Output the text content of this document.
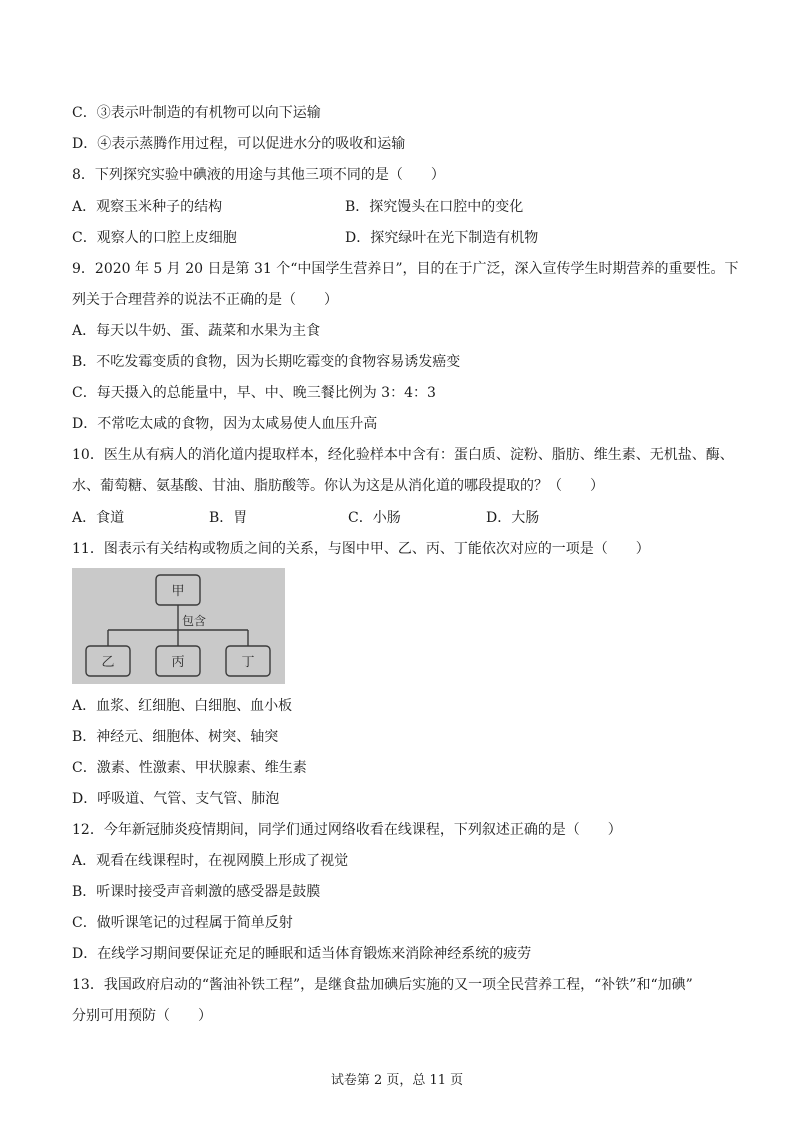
C．③表示叶制造的有机物可以向下运输
D．④表示蒸腾作用过程，可以促进水分的吸收和运输
8．下列探究实验中碘液的用途与其他三项不同的是（　　）
A．观察玉米种子的结构	B．探究馒头在口腔中的变化
C．观察人的口腔上皮细胞	D．探究绿叶在光下制造有机物
9．2020 年 5 月 20 日是第 31 个“中国学生营养日”，目的在于广泛，深入宣传学生时期营养的重要性。下
列关于合理营养的说法不正确的是（　　）
A．每天以牛奶、蛋、蔬菜和水果为主食
B．不吃发霉变质的食物，因为长期吃霉变的食物容易诱发癌变
C．每天摄入的总能量中，早、中、晚三餐比例为 3：4：3
D．不常吃太咸的食物，因为太咸易使人血压升高
10．医生从有病人的消化道内提取样本，经化验样本中含有：蛋白质、淀粉、脂肪、维生素、无机盐、酶、
水、葡萄糖、氨基酸、甘油、脂肪酸等。你认为这是从消化道的哪段提取的？（　　）
A．食道	B．胃	C．小肠	D．大肠
11．图表示有关结构或物质之间的关系，与图中甲、乙、丙、丁能依次对应的一项是（　　）
甲
包含
乙	丙	丁
A．血浆、红细胞、白细胞、血小板
B．神经元、细胞体、树突、轴突
C．激素、性激素、甲状腺素、维生素
D．呼吸道、气管、支气管、肺泡
12．今年新冠肺炎疫情期间，同学们通过网络收看在线课程，下列叙述正确的是（　　）
A．观看在线课程时，在视网膜上形成了视觉
B．听课时接受声音刺激的感受器是鼓膜
C．做听课笔记的过程属于简单反射
D．在线学习期间要保证充足的睡眠和适当体育锻炼来消除神经系统的疲劳
13．我国政府启动的“酱油补铁工程”，是继食盐加碘后实施的又一项全民营养工程，“补铁”和“加碘”
分别可用预防（　　）
试卷第 2 页，总 11 页
